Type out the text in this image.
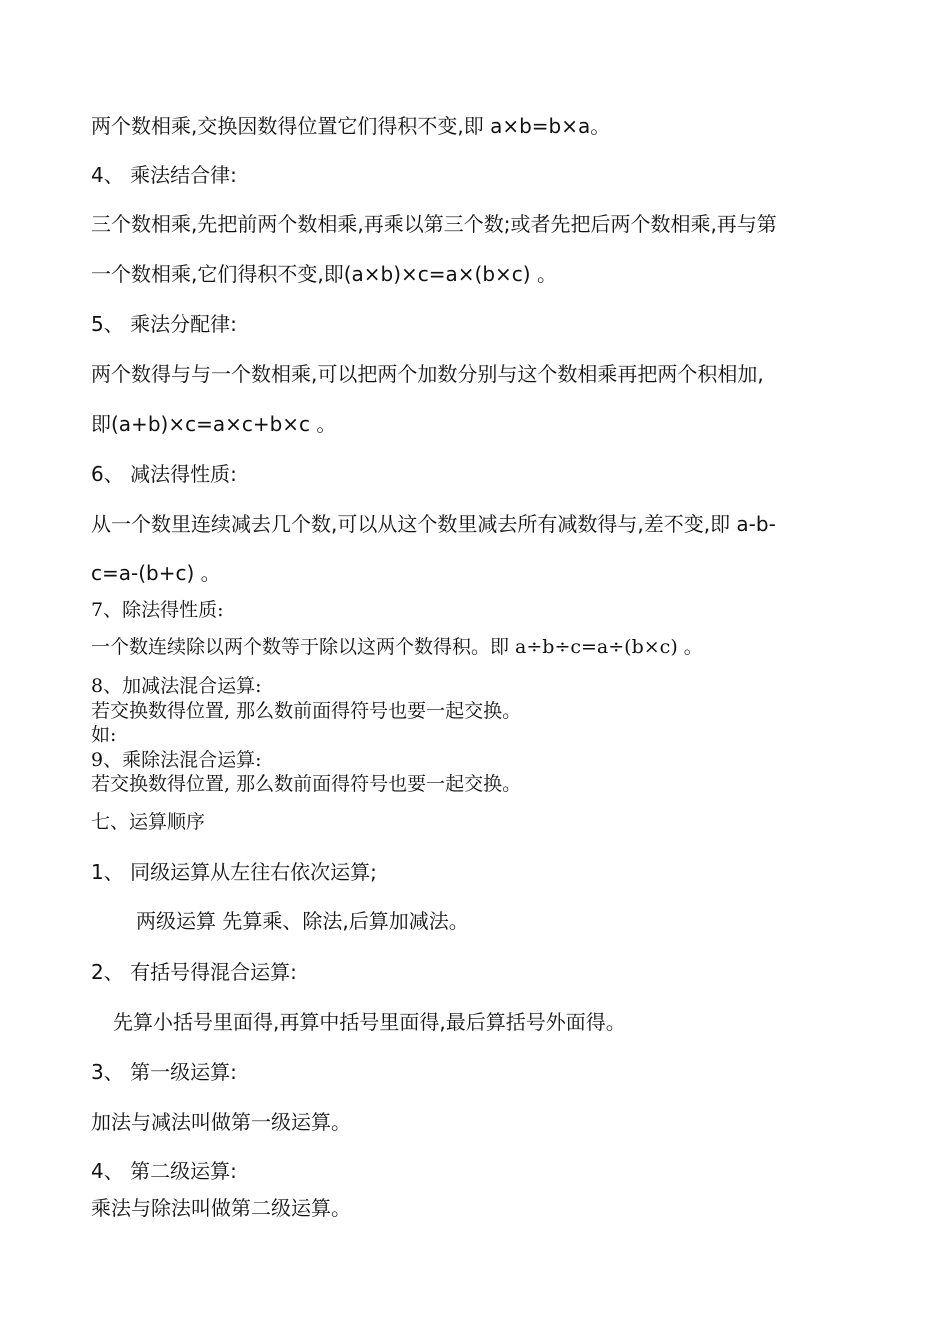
两个数相乘,交换因数得位置它们得积不变,即 a×b=b×a。
4、 乘法结合律:
三个数相乘,先把前两个数相乘,再乘以第三个数;或者先把后两个数相乘,再与第
一个数相乘,它们得积不变,即(a×b)×c=a×(b×c) 。
5、 乘法分配律:
两个数得与与一个数相乘,可以把两个加数分别与这个数相乘再把两个积相加,
即(a+b)×c=a×c+b×c 。
6、 减法得性质:
从一个数里连续减去几个数,可以从这个数里减去所有减数得与,差不变,即 a-b-
c=a-(b+c) 。
7、除法得性质:
一个数连续除以两个数等于除以这两个数得积。即 a÷b÷c=a÷(b×c) 。
8、加减法混合运算:
若交换数得位置, 那么数前面得符号也要一起交换。
如:
9、乘除法混合运算:
若交换数得位置, 那么数前面得符号也要一起交换。
七、运算顺序
1、 同级运算从左往右依次运算;
两级运算 先算乘、除法,后算加减法。
2、 有括号得混合运算:
先算小括号里面得,再算中括号里面得,最后算括号外面得。
3、 第一级运算:
加法与减法叫做第一级运算。
4、 第二级运算:
乘法与除法叫做第二级运算。
